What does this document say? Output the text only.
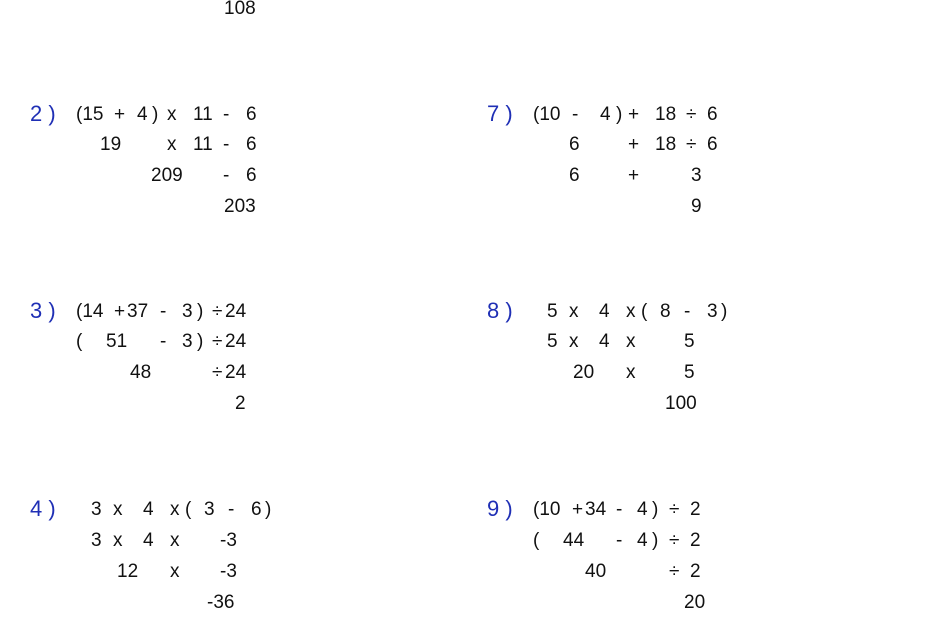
108
2 ) (15 + 4 ) x 11 - 6
19 x 11 - 6
209 - 6
203
7 ) (10 - 4 ) + 18 ÷ 6
6	+ 18 ÷ 6
6	+	3
9
3 ) (14 + 37 - 3 ) ÷ 24
( 51 - 3 ) ÷ 24
48	÷ 24
2
8 ) 5 x 4 x ( 8 - 3 )
5 x 4 x	5
20 x	5
100
4 ) 3 x 4 x ( 3 - 6 )
3 x 4 x -3
12 x -3
-36
9 ) (10 + 34 - 4 ) ÷ 2
( 44 - 4 ) ÷ 2
40	÷ 2
20
